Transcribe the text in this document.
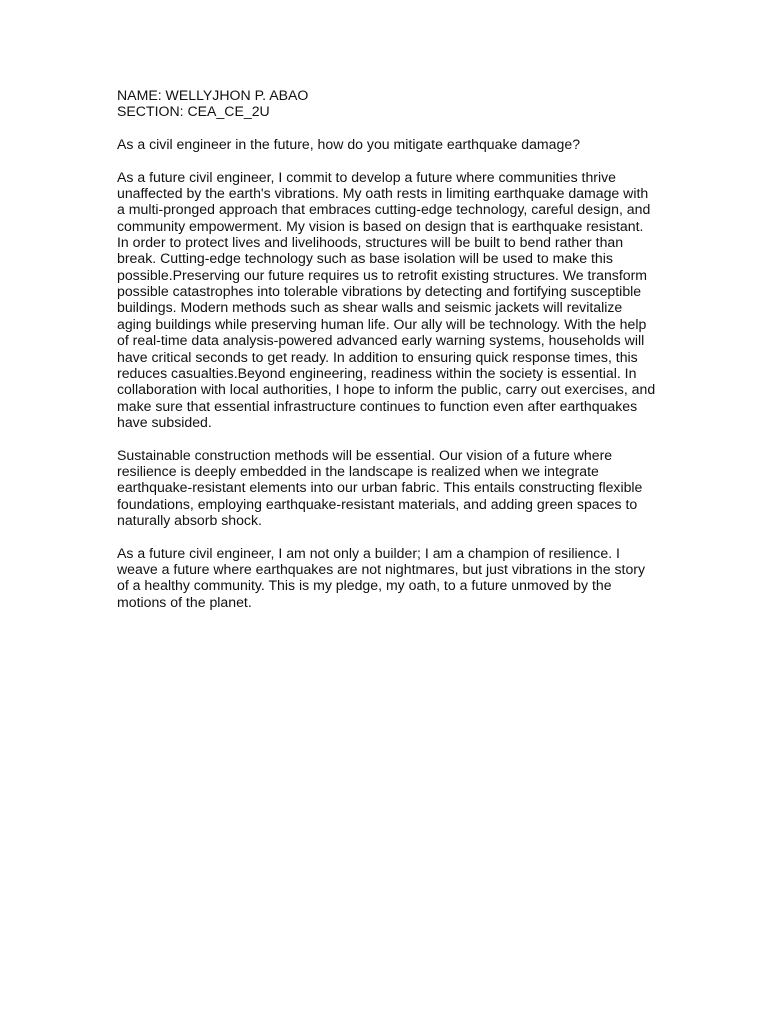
NAME: WELLYJHON P. ABAO

SECTION: CEA_CE_2U

As a civil engineer in the future, how do you mitigate earthquake damage?

As a future civil engineer, I commit to develop a future where communities thrive unaffected by the earth's vibrations. My oath rests in limiting earthquake damage with a multi-pronged approach that embraces cutting-edge technology, careful design, and community empowerment. My vision is based on design that is earthquake resistant. In order to protect lives and livelihoods, structures will be built to bend rather than break. Cutting-edge technology such as base isolation will be used to make this possible.Preserving our future requires us to retrofit existing structures. We transform possible catastrophes into tolerable vibrations by detecting and fortifying susceptible buildings. Modern methods such as shear walls and seismic jackets will revitalize aging buildings while preserving human life. Our ally will be technology. With the help of real-time data analysis-powered advanced early warning systems, households will have critical seconds to get ready. In addition to ensuring quick response times, this reduces casualties.Beyond engineering, readiness within the society is essential. In collaboration with local authorities, I hope to inform the public, carry out exercises, and make sure that essential infrastructure continues to function even after earthquakes have subsided.

Sustainable construction methods will be essential. Our vision of a future where resilience is deeply embedded in the landscape is realized when we integrate earthquake-resistant elements into our urban fabric. This entails constructing flexible foundations, employing earthquake-resistant materials, and adding green spaces to naturally absorb shock.

As a future civil engineer, I am not only a builder; I am a champion of resilience. I weave a future where earthquakes are not nightmares, but just vibrations in the story of a healthy community. This is my pledge, my oath, to a future unmoved by the motions of the planet.
